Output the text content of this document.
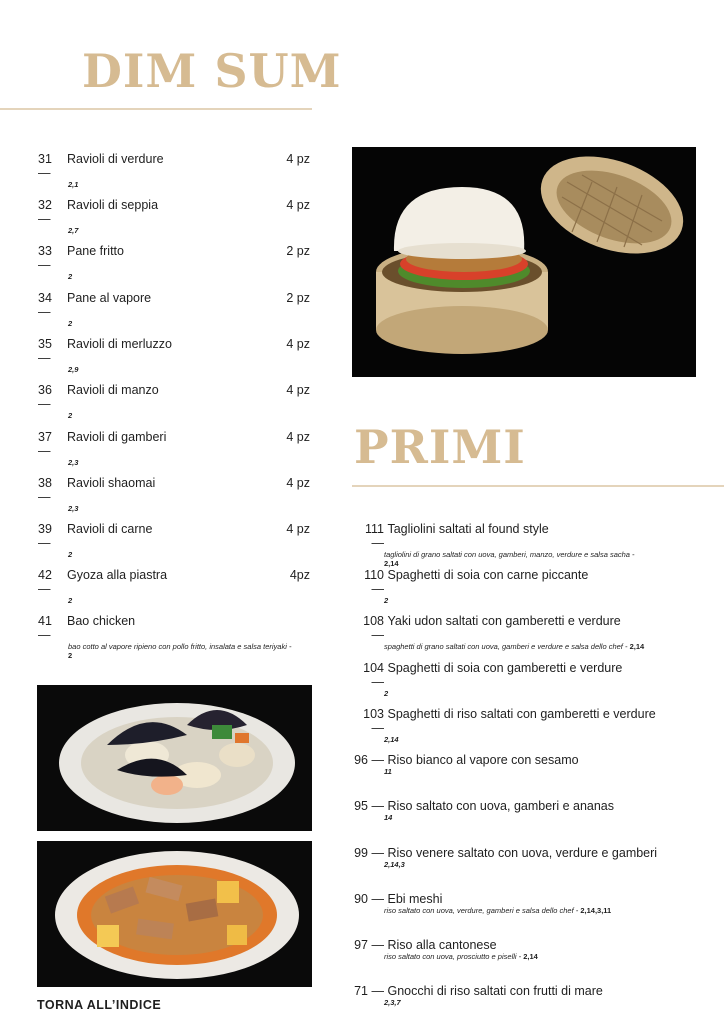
DIM SUM
31 —
Ravioli di verdure	4 pz
2,1
32 —
Ravioli di seppia	4 pz
2,7
33 —
Pane fritto	2 pz
2
34 —
Pane al vapore	2 pz
2
35 —
Ravioli di merluzzo	4 pz
2,9
36 —
Ravioli di manzo	4 pz
2
37 —
Ravioli di gamberi	4 pz
2,3
38 —
Ravioli shaomai	4 pz
2,3
39 —
Ravioli di carne	4 pz
2
42 —
Gyoza alla piastra	4pz
2
41 —
Bao chicken
bao cotto al vapore ripieno con pollo fritto, insalata e salsa teriyaki - 2
PRIMI
111 —

Tagliolini saltati al found style
tagliolini di grano saltati con uova, gamberi, manzo, verdure e salsa sacha - 2,14
110 —

Spaghetti di soia con carne piccante
2
108 —

Yaki udon saltati con gamberetti e verdure
spaghetti di grano saltati con uova, gamberi e verdure e salsa dello chef - 2,14
104 —

Spaghetti di soia con gamberetti e verdure
2
103 —

Spaghetti di riso saltati con gamberetti e verdure
2,14
96 —
Riso bianco al vapore con sesamo
11
95 —
Riso saltato con uova, gamberi e ananas
14
99 —
Riso venere saltato con uova, verdure e gamberi
2,14,3
90 —
Ebi meshi
riso saltato con uova, verdure, gamberi e salsa dello chef - 2,14,3,11
97 —
Riso alla cantonese
riso saltato con uova, prosciutto e piselli - 2,14
71 —
Gnocchi di riso saltati con frutti di mare
2,3,7
TORNA ALL’INDICE
